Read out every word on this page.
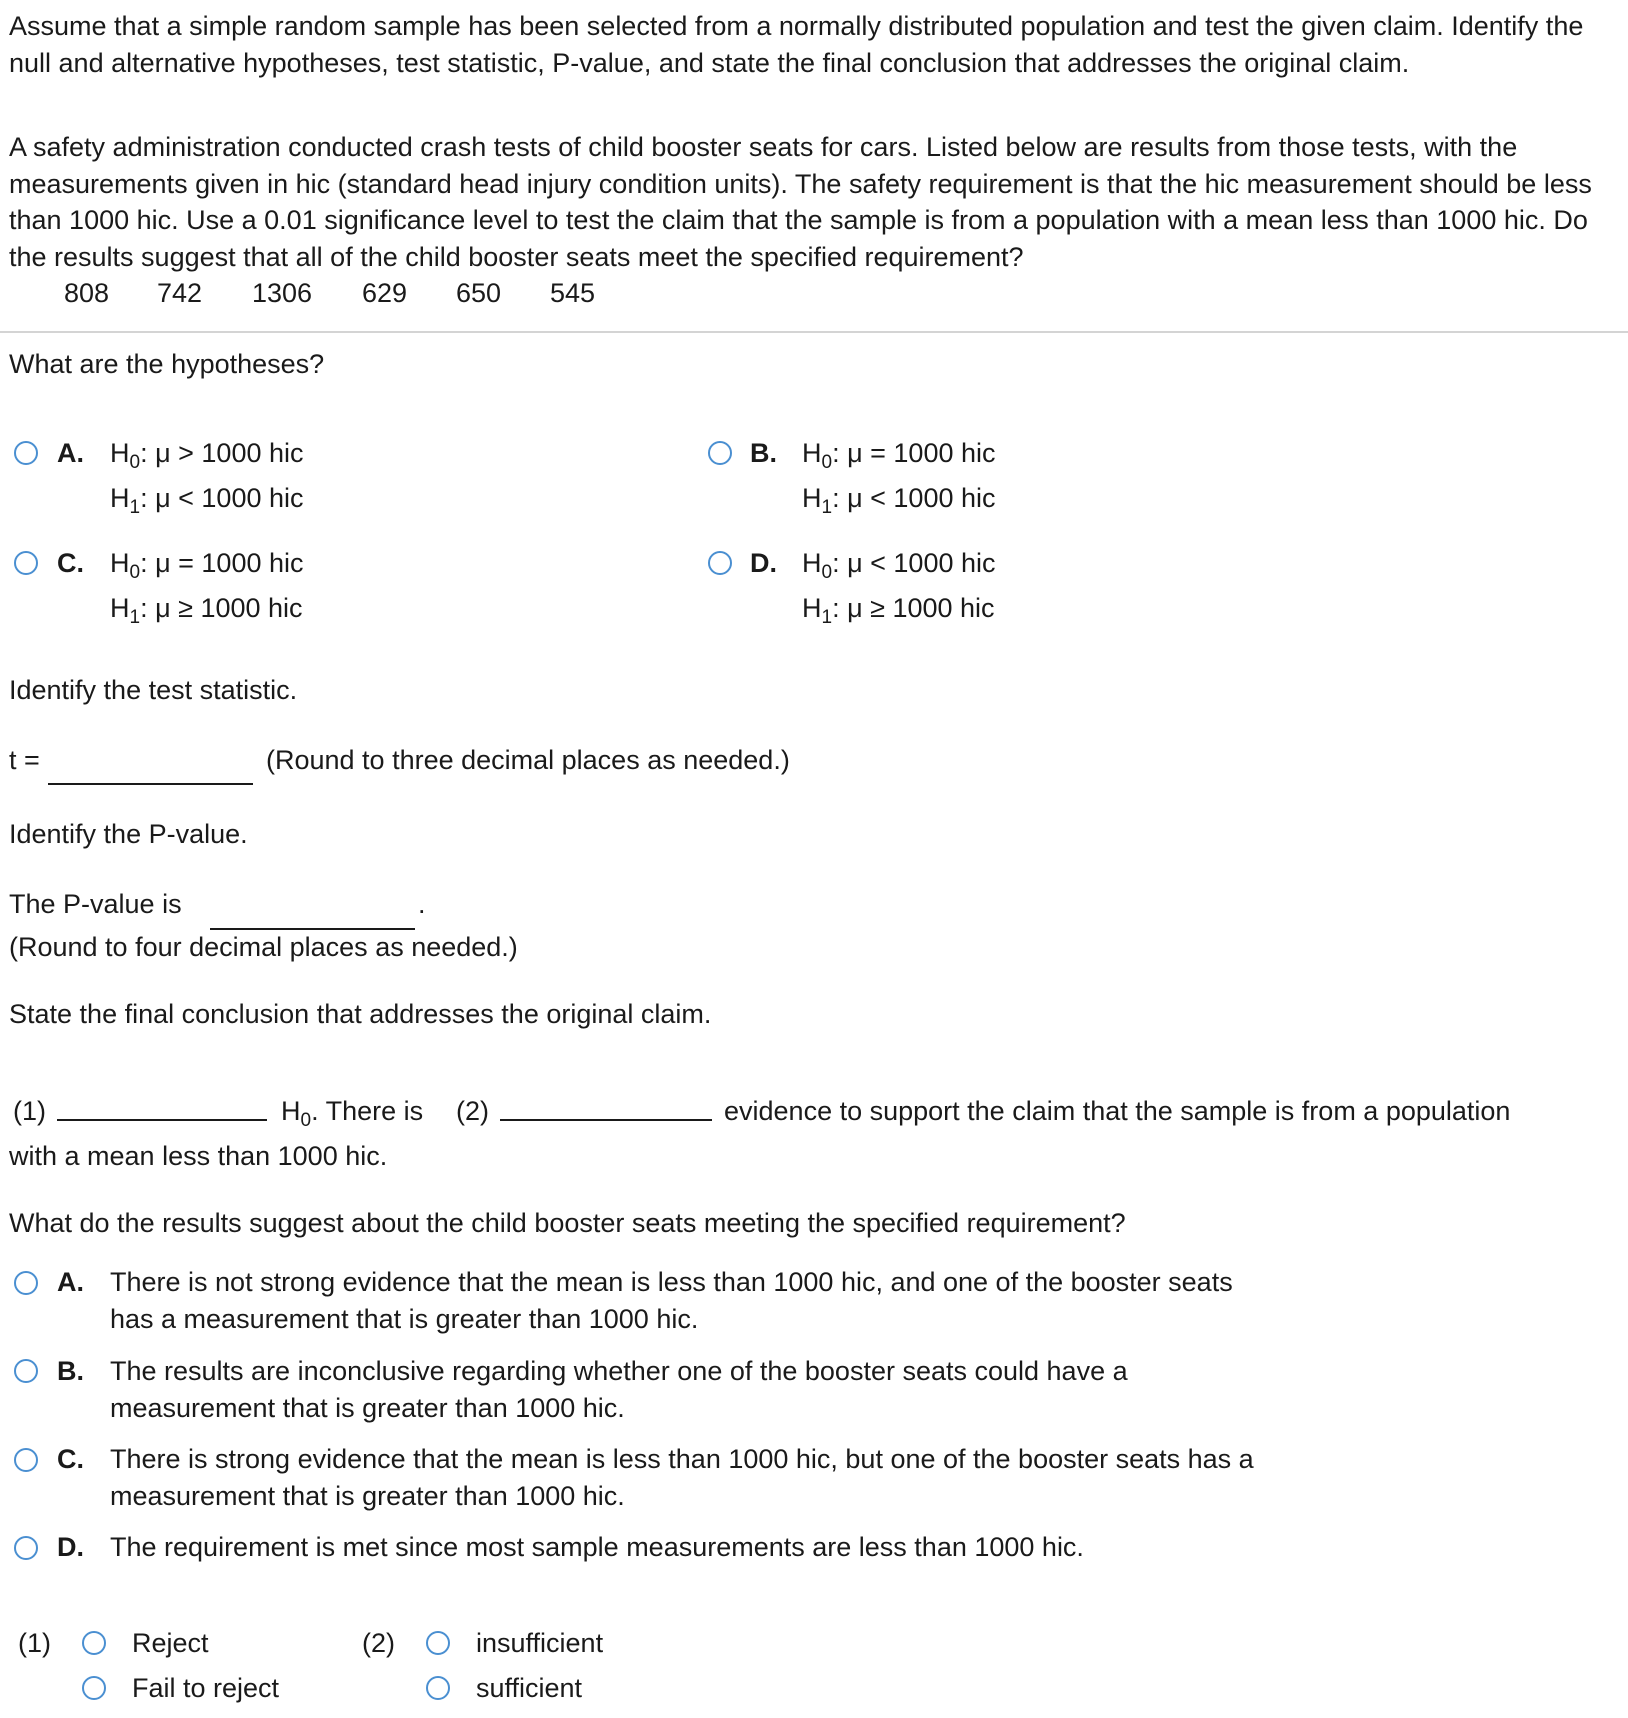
Assume that a simple random sample has been selected from a normally distributed population and test the given claim. Identify the null and alternative hypotheses, test statistic, P-value, and state the final conclusion that addresses the original claim.

A safety administration conducted crash tests of child booster seats for cars. Listed below are results from those tests, with the measurements given in hic (standard head injury condition units). The safety requirement is that the hic measurement should be less than 1000 hic. Use a 0.01 significance level to test the claim that the sample is from a population with a mean less than 1000 hic. Do the results suggest that all of the child booster seats meet the specified requirement?

808 742 1306 629 650 545
What are the hypotheses?
A. $H_0$: μ > 1000 hic
$H_1$: μ < 1000 hic
B. $H_0$: μ = 1000 hic
$H_1$: μ < 1000 hic
C. $H_0$: μ = 1000 hic
$H_1$: μ ≥ 1000 hic
D. $H_0$: μ < 1000 hic
$H_1$: μ ≥ 1000 hic
Identify the test statistic.
t =	(Round to three decimal places as needed.)
Identify the P-value.
The P-value is	.
(Round to four decimal places as needed.)
State the final conclusion that addresses the original claim.
(1)	$H_0$. There is (2)	evidence to support the claim that the sample is from a population
with a mean less than 1000 hic.
What do the results suggest about the child booster seats meeting the specified requirement?
A. There is not strong evidence that the mean is less than 1000 hic, and one of the booster seats
has a measurement that is greater than 1000 hic.

B. The results are inconclusive regarding whether one of the booster seats could have a
measurement that is greater than 1000 hic.

C. There is strong evidence that the mean is less than 1000 hic, but one of the booster seats has a
measurement that is greater than 1000 hic.

D. The requirement is met since most sample measurements are less than 1000 hic.

(1)	Reject
Fail to reject
(2)	insufficient
sufficient
